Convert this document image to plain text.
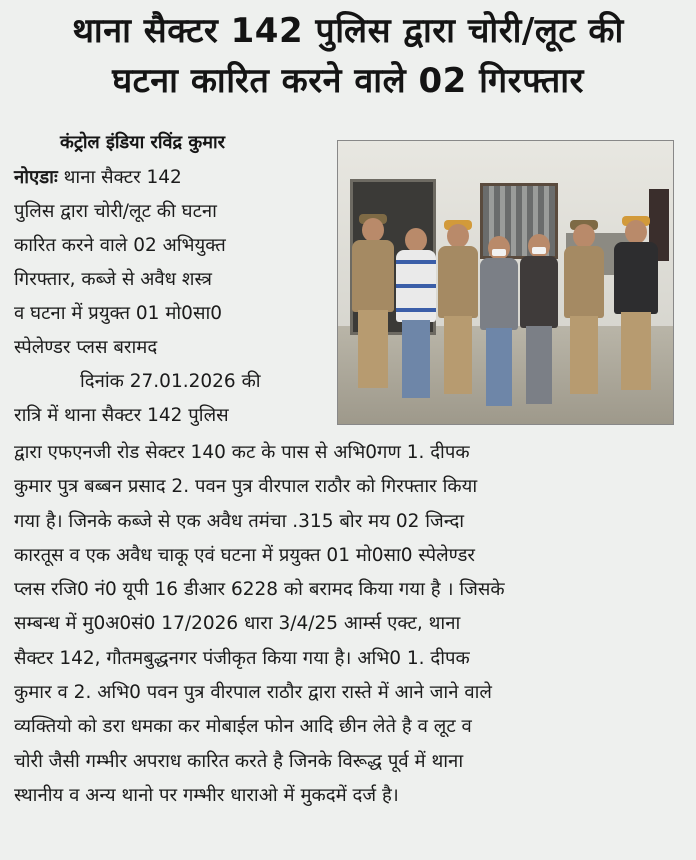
थाना सैक्टर 142 पुलिस द्वारा चोरी/लूट की
घटना कारित करने वाले 02 गिरफ्तार
कंट्रोल इंडिया रविंद्र कुमार
नोएडाः थाना सैक्टर 142
पुलिस द्वारा चोरी/लूट की घटना
कारित करने वाले 02 अभियुक्त
गिरफ्तार, कब्जे से अवैध शस्त्र
व घटना में प्रयुक्त 01 मो0सा0
स्पेलेण्डर प्लस बरामद
दिनांक 27.01.2026 की
रात्रि में थाना सैक्टर 142 पुलिस
द्वारा एफएनजी रोड सेक्टर 140 कट के पास से अभि0गण 1. दीपक
कुमार पुत्र बब्बन प्रसाद 2. पवन पुत्र वीरपाल राठौर को गिरफ्तार किया
गया है। जिनके कब्जे से एक अवैध तमंचा .315 बोर मय 02 जिन्दा
कारतूस व एक अवैध चाकू एवं घटना में प्रयुक्त 01 मो0सा0 स्पेलेण्डर
प्लस रजि0 नं0 यूपी 16 डीआर 6228 को बरामद किया गया है । जिसके
सम्बन्ध में मु0अ0सं0 17/2026 धारा 3/4/25 आर्म्स एक्ट, थाना
सैक्टर 142, गौतमबुद्धनगर पंजीकृत किया गया है। अभि0 1. दीपक
कुमार व 2. अभि0 पवन पुत्र वीरपाल राठौर द्वारा रास्ते में आने जाने वाले
व्यक्तियो को डरा धमका कर मोबाईल फोन आदि छीन लेते है व लूट व
चोरी जैसी गम्भीर अपराध कारित करते है जिनके विरूद्ध पूर्व में थाना
स्थानीय व अन्य थानो पर गम्भीर धाराओ में मुकदमें दर्ज है।
